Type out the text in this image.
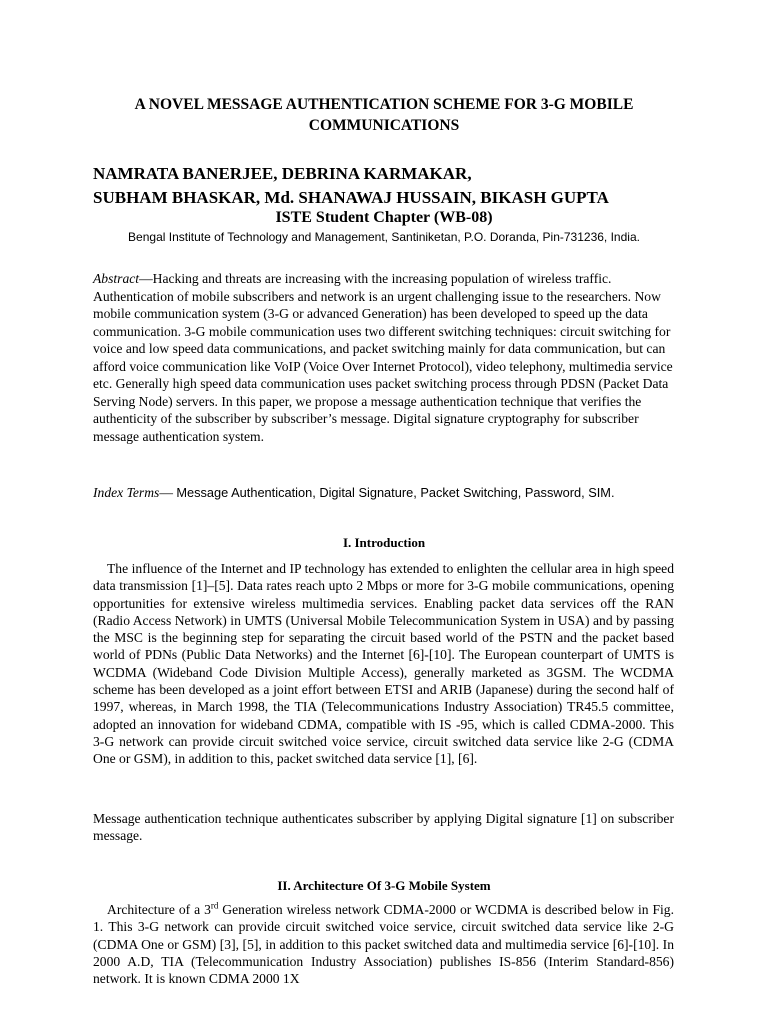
A NOVEL MESSAGE AUTHENTICATION SCHEME FOR 3-G MOBILE
COMMUNICATIONS
NAMRATA BANERJEE, DEBRINA KARMAKAR,
SUBHAM BHASKAR, Md. SHANAWAJ HUSSAIN, BIKASH GUPTA
ISTE Student Chapter (WB-08)
Bengal Institute of Technology and Management, Santiniketan, P.O. Doranda, Pin-731236, India.

Abstract—Hacking and threats are increasing with the increasing population of wireless traffic. Authentication of mobile subscribers and network is an urgent challenging issue to the researchers. Now mobile communication system (3-G or advanced Generation) has been developed to speed up the data communication. 3-G mobile communication uses two different switching techniques: circuit switching for voice and low speed data communications, and packet switching mainly for data communication, but can afford voice communication like VoIP (Voice Over Internet Protocol), video telephony, multimedia service etc. Generally high speed data communication uses packet switching process through PDSN (Packet Data Serving Node) servers. In this paper, we propose a message authentication technique that verifies the authenticity of the subscriber by subscriber’s message. Digital signature cryptography for subscriber message authentication system.

Index Terms— Message Authentication, Digital Signature, Packet Switching, Password, SIM.

I. Introduction

The influence of the Internet and IP technology has extended to enlighten the cellular area in high speed data transmission [1]–[5]. Data rates reach upto 2 Mbps or more for 3-G mobile communications, opening opportunities for extensive wireless multimedia services. Enabling packet data services off the RAN (Radio Access Network) in UMTS (Universal Mobile Telecommunication System in USA) and by passing the MSC is the beginning step for separating the circuit based world of the PSTN and the packet based world of PDNs (Public Data Networks) and the Internet [6]-[10]. The European counterpart of UMTS is WCDMA (Wideband Code Division Multiple Access), generally marketed as 3GSM. The WCDMA scheme has been developed as a joint effort between ETSI and ARIB (Japanese) during the second half of 1997, whereas, in March 1998, the TIA (Telecommunications Industry Association) TR45.5 committee, adopted an innovation for wideband CDMA, compatible with IS -95, which is called CDMA-2000. This 3-G network can provide circuit switched voice service, circuit switched data service like 2-G (CDMA One or GSM), in addition to this, packet switched data service [1], [6].

Message authentication technique authenticates subscriber by applying Digital signature [1] on subscriber message.

II. Architecture Of 3-G Mobile System

Architecture of a 3rd Generation wireless network CDMA-2000 or WCDMA is described below in Fig. 1. This 3-G network can provide circuit switched voice service, circuit switched data service like 2-G (CDMA One or GSM) [3], [5], in addition to this packet switched data and multimedia service [6]-[10]. In 2000 A.D, TIA (Telecommunication Industry Association) publishes IS-856 (Interim Standard-856) network. It is known CDMA 2000 1X
